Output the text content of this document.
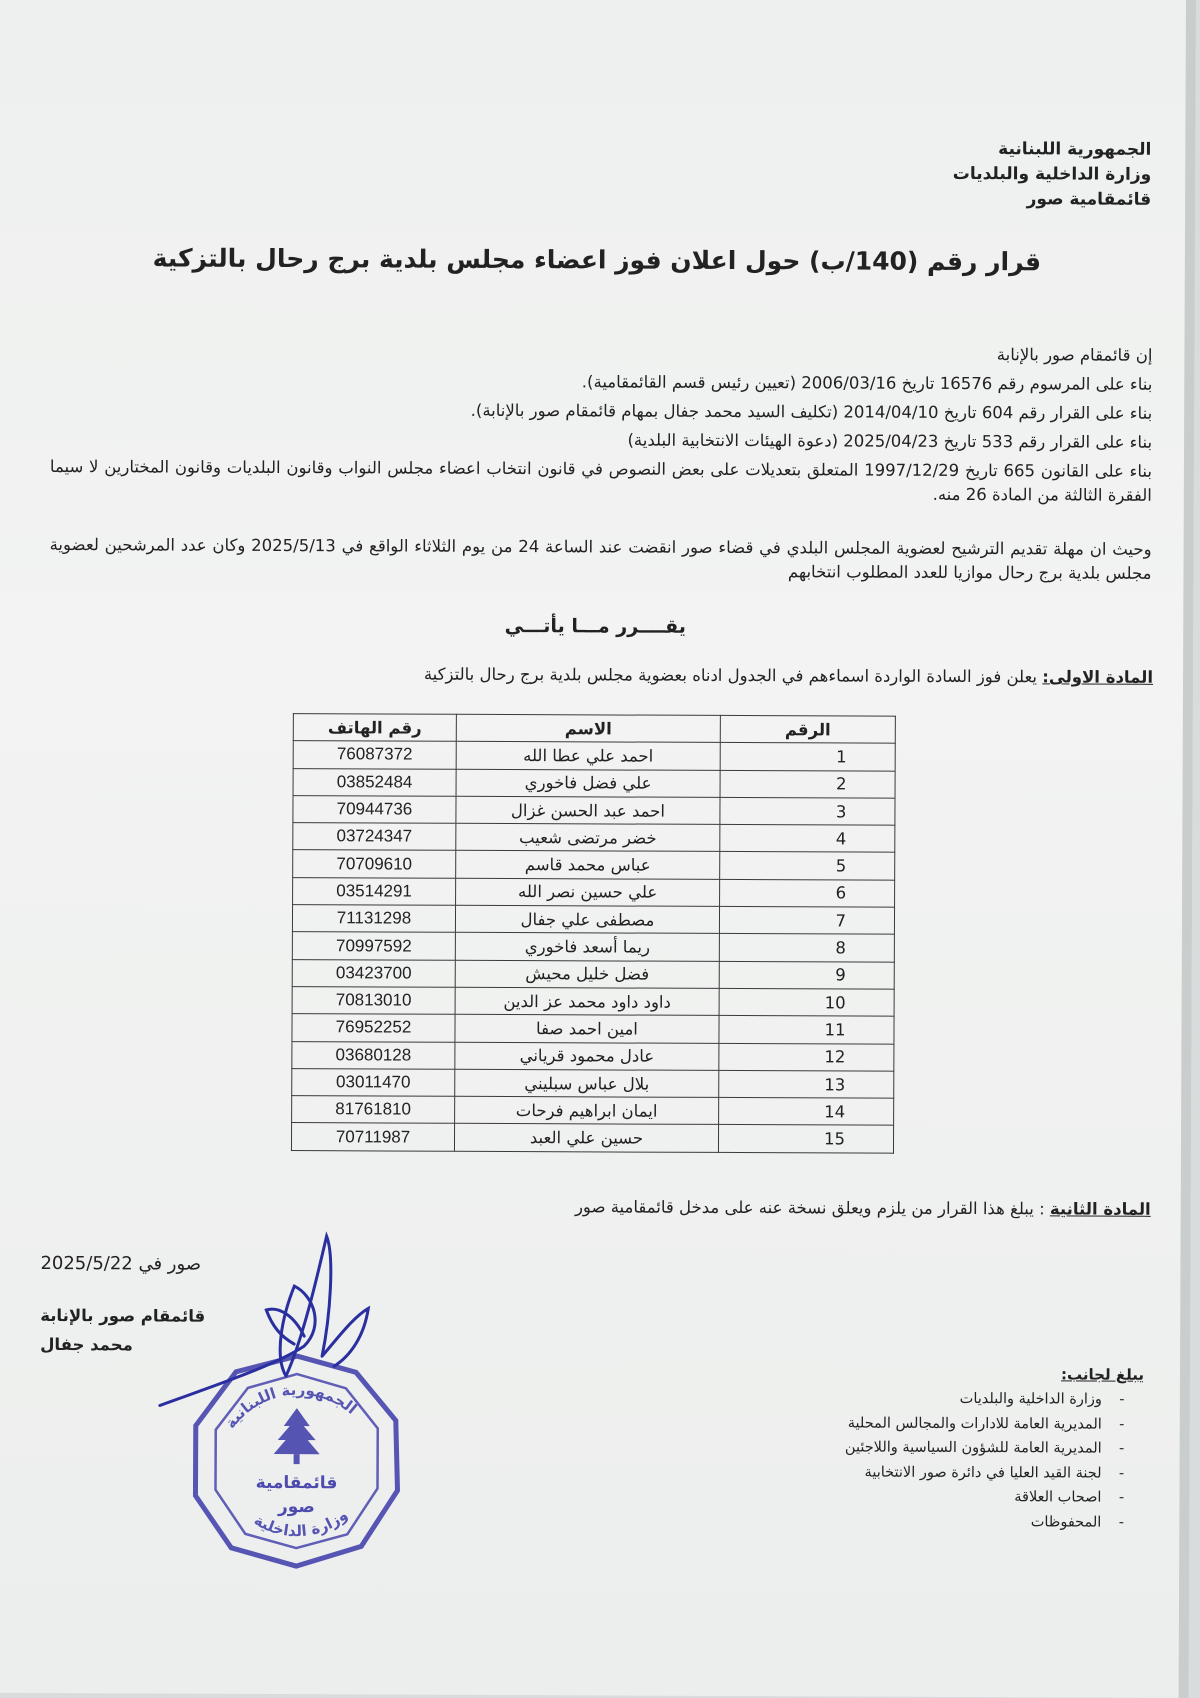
الجمهورية اللبنانية
وزارة الداخلية والبلديات
قائمقامية صور
قرار رقم (140/ب) حول اعلان فوز اعضاء مجلس بلدية برج رحال بالتزكية
إن قائمقام صور بالإنابة
بناء على المرسوم رقم 16576 تاريخ 2006/03/16 (تعيين رئيس قسم القائمقامية).
بناء على القرار رقم 604 تاريخ 2014/04/10 (تكليف السيد محمد جفال بمهام قائمقام صور بالإنابة).
بناء على القرار رقم 533 تاريخ 2025/04/23 (دعوة الهيئات الانتخابية البلدية)
بناء على القانون 665 تاريخ 1997/12/29 المتعلق بتعديلات على بعض النصوص في قانون انتخاب اعضاء مجلس النواب وقانون البلديات وقانون المختارين لا سيما الفقرة الثالثة من المادة 26 منه.
وحيث ان مهلة تقديم الترشيح لعضوية المجلس البلدي في قضاء صور انقضت عند الساعة 24 من يوم الثلاثاء الواقع في 2025/5/13 وكان عدد المرشحين لعضوية مجلس بلدية برج رحال موازيا للعدد المطلوب انتخابهم
يقــــرر مـــا يأتـــي
المادة الاولى: يعلن فوز السادة الواردة اسماءهم في الجدول ادناه بعضوية مجلس بلدية برج رحال بالتزكية
الرقم	الاسم	رقم الهاتف
1	احمد علي عطا الله	76087372
2	علي فضل فاخوري	03852484
3	احمد عبد الحسن غزال	70944736
4	خضر مرتضى شعيب	03724347
5	عباس محمد قاسم	70709610
6	علي حسين نصر الله	03514291
7	مصطفى علي جفال	71131298
8	ريما أسعد فاخوري	70997592
9	فضل خليل محيش	03423700
10	داود داود محمد عز الدين	70813010
11	امين احمد صفا	76952252
12	عادل محمود قرياني	03680128
13	بلال عباس سبليني	03011470
14	ايمان ابراهيم فرحات	81761810
15	حسين علي العبد	70711987
المادة الثانية : يبلغ هذا القرار من يلزم ويعلق نسخة عنه على مدخل قائمقامية صور
صور في 2025/5/22
قائمقام صور بالإنابة
محمد جفال
الجمهورية اللبنانية
وزارة الداخلية
قائمقامية
صور
يبلغ لجانب:
- وزارة الداخلية والبلديات
- المديرية العامة للادارات والمجالس المحلية
- المديرية العامة للشؤون السياسية واللاجئين
- لجنة القيد العليا في دائرة صور الانتخابية
- اصحاب العلاقة
- المحفوظات
